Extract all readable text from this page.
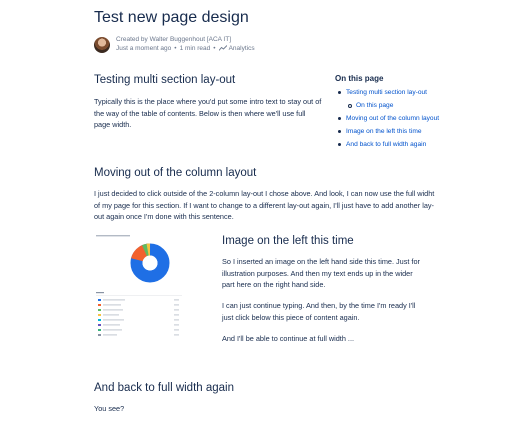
Test new page design
Created by Walter Buggenhout [ACA IT]
Just a moment ago • 1 min read • Analytics
Testing multi section lay-out

Typically this is the place where you'd put some intro text to stay out of the way of the table of contents. Below is then where we'll use full page width.

On this page
Testing multi section lay-out
On this page
Moving out of the column layout
Image on the left this time
And back to full width again
Moving out of the column layout

I just decided to click outside of the 2-column lay-out I chose above. And look, I can now use the full widht of my page for this section. If I want to change to a different lay-out again, I'll just have to add another lay-out again once I'm done with this sentence.

Image on the left this time

So I inserted an image on the left hand side this time. Just for illustration purposes. And then my text ends up in the wider part here on the right hand side.

I can just continue typing. And then, by the time I'm ready I'll just click below this piece of content again.

And I'll be able to continue at full width ...

And back to full width again

You see?
